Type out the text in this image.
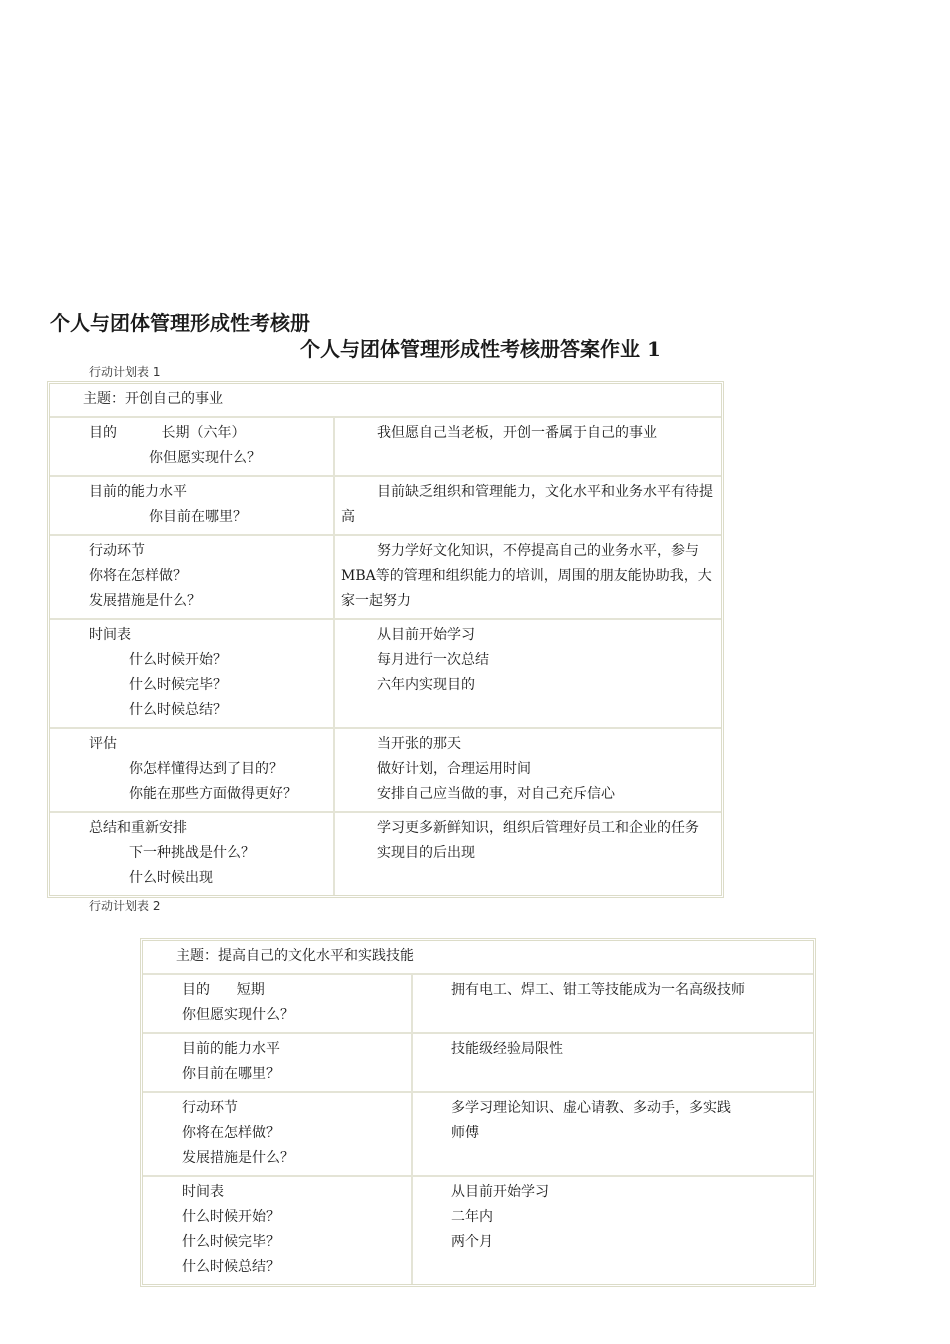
个人与团体管理形成性考核册
个人与团体管理形成性考核册答案作业 1
行动计划表 1
主题：开创自己的事业
目的          长期（六年）
你但愿实现什么？
我但愿自己当老板，开创一番属于自己的事业
目前的能力水平
你目前在哪里？
目前缺乏组织和管理能力，文化水平和业务水平有待提高
行动环节
你将在怎样做？
发展措施是什么？
努力学好文化知识，不停提高自己的业务水平，参与MBA等的管理和组织能力的培训，周围的朋友能协助我，大家一起努力
时间表
什么时候开始？
什么时候完毕？
什么时候总结？
从目前开始学习
每月进行一次总结
六年内实现目的
评估
你怎样懂得达到了目的？
你能在那些方面做得更好？
当开张的那天
做好计划，合理运用时间
安排自己应当做的事，对自己充斥信心
总结和重新安排
下一种挑战是什么？
什么时候出现
学习更多新鲜知识，组织后管理好员工和企业的任务
实现目的后出现
行动计划表 2
主题：提高自己的文化水平和实践技能
目的      短期
你但愿实现什么？
拥有电工、焊工、钳工等技能成为一名高级技师
目前的能力水平
你目前在哪里？
技能级经验局限性
行动环节
你将在怎样做？
发展措施是什么？
多学习理论知识、虚心请教、多动手，多实践
师傅
时间表
什么时候开始？
什么时候完毕？
什么时候总结？
从目前开始学习
二年内
两个月
